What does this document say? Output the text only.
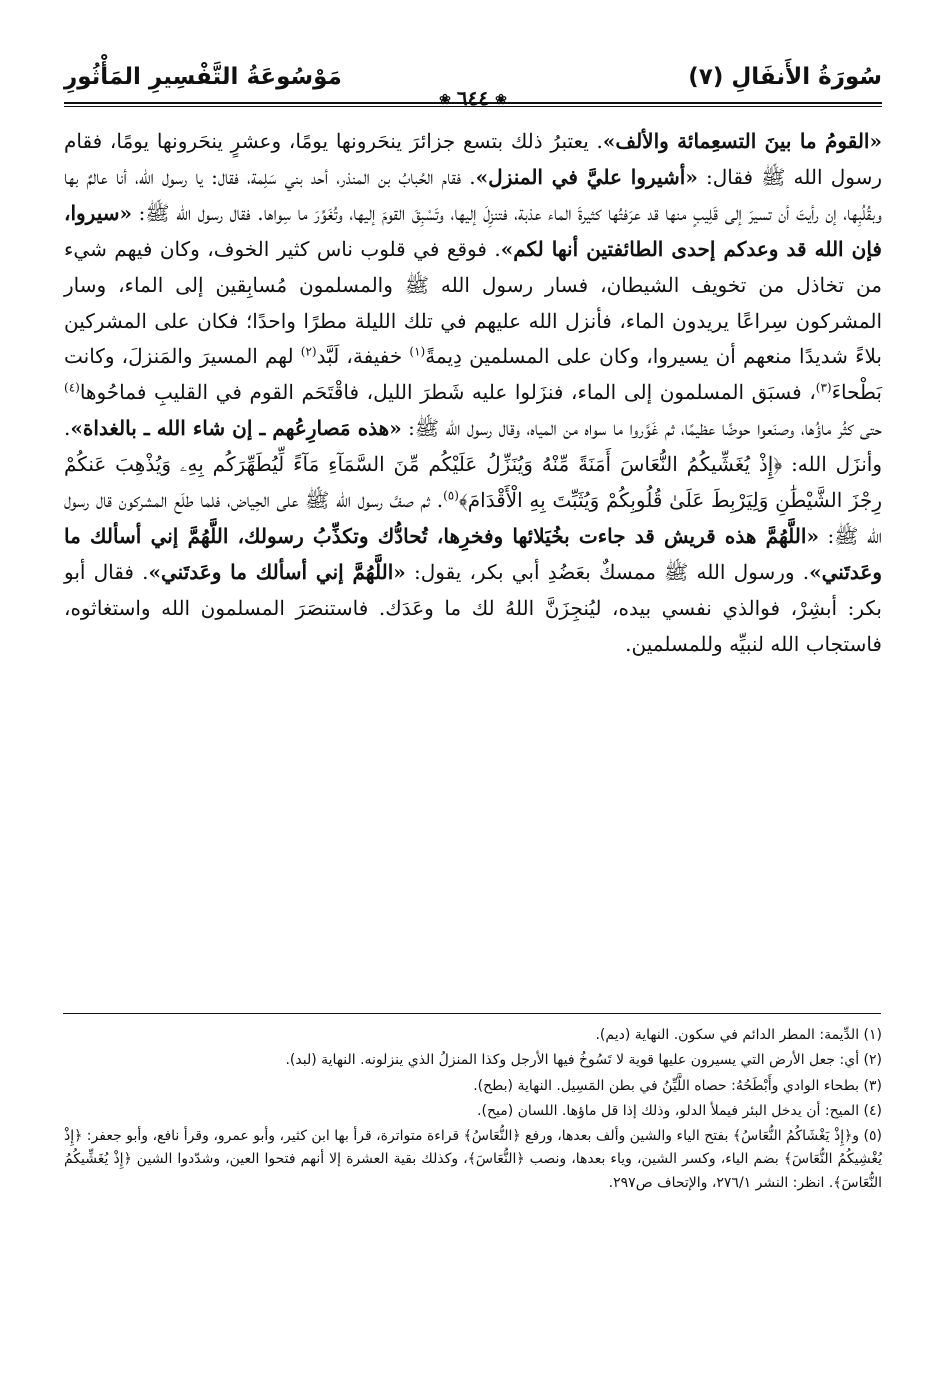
سُورَةُ الأَنفَالِ (٧)
❀٦٤٤❀
مَوْسُوعَةُ التَّفْسِيرِ المَأْثُورِ

«القومُ ما بينَ التسعِمائة والألف». يعتبرُ ذلك بتسع جزائرَ ينحَرونها يومًا، وعشرٍ ينحَرونها يومًا، فقام رسول الله ﷺ فقال: «أشيروا عليَّ في المنزل». فقام الحُبابُ بن المنذر، أحد بني سَلِمة، فقال: يا رسول الله، أنا عالمٌ بها وبقُلُبِها، إن رأيتَ أن تسيرَ إلى قَلِيبٍ منها قد عرَفتُها كثيرةَ الماء عذبة، فتنزِلَ إليها، وتَسْبِقَ القومَ إليها، وتُغَوِّرَ ما سِواها. فقال رسول الله ﷺ: «سيروا، فإن الله قد وعدكم إحدى الطائفتين أنها لكم». فوقع في قلوب ناس كثير الخوف، وكان فيهم شيء من تخاذل من تخويف الشيطان، فسار رسول الله ﷺ والمسلمون مُسابِقين إلى الماء، وسار المشركون سِراعًا يريدون الماء، فأنزل الله عليهم في تلك الليلة مطرًا واحدًا؛ فكان على المشركين بلاءً شديدًا منعهم أن يسيروا، وكان على المسلمين دِيمةً$^{(١)}$ خفيفة، لَبَّد$^{(٢)}$ لهم المسيرَ والمَنزلَ، وكانت بَطْحاءَ$^{(٣)}$، فسبَق المسلمون إلى الماء، فنزَلوا عليه شَطرَ الليل، فاقْتَحَم القوم في القليبِ فماحُوها$^{(٤)}$ حتى كثُر ماؤُها، وصنَعوا حوضًا عظيمًا، ثم غَوَّروا ما سواه من المياه، وقال رسول الله ﷺ: «هذه مَصارِعُهم ـ إن شاء الله ـ بالغداة». وأنزَل الله: ﴿إِذْ يُغَشِّيكُمُ النُّعَاسَ أَمَنَةً مِّنْهُ وَيُنَزِّلُ عَلَيْكُم مِّنَ السَّمَآءِ مَآءً لِّيُطَهِّرَكُم بِهِۦ وَيُذْهِبَ عَنكُمْ رِجْزَ الشَّيْطَٰنِ وَلِيَرْبِطَ عَلَىٰ قُلُوبِكُمْ وَيُثَبِّتَ بِهِ الْأَقْدَامَ﴾$^{(٥)}$. ثم صفَّ رسول الله ﷺ على الحِياض، فلما طلَع المشركون قال رسول الله ﷺ: «اللَّهُمَّ هذه قريش قد جاءت بخُيَلائها وفخرِها، تُحادُّك وتكذِّبُ رسولك، اللَّهُمَّ إني أسألك ما وعَدتَني». ورسول الله ﷺ ممسكٌ بعَضُدِ أبي بكر، يقول: «اللَّهُمَّ إني أسألك ما وعَدتَني». فقال أبو بكر: أبشِرْ، فوالذي نفسي بيده، ليُنجِزَنَّ اللهُ لك ما وعَدَك. فاستنصَرَ المسلمون الله واستغاثوه، فاستجاب الله لنبيِّه وللمسلمين.

(١) الدِّيمة: المطر الدائم في سكون. النهاية (ديم).

(٢) أي: جعل الأرض التي يسيرون عليها قوية لا تَسُوخُ فيها الأرجل وكذا المنزلُ الذي ينزلونه. النهاية (لبد).

(٣) بطحاء الوادي وأَبْطَحُهُ: حصاه اللَّيِّنُ في بطن المَسِيل. النهاية (بطح).

(٤) الميح: أن يدخل البئر فيملأ الدلو، وذلك إذا قل ماؤها. اللسان (ميح).

(٥) و﴿إِذْ يَغْشَاكُمُ النُّعَاسُ﴾ بفتح الياء والشين وألف بعدها، ورفع ﴿النُّعَاسُ﴾ قراءة متواترة، قرأ بها ابن كثير، وأبو عمرو، وقرأ نافع، وأبو جعفر: ﴿إِذْ يُغْشِيكُمُ النُّعَاسَ﴾ بضم الياء، وكسر الشين، وياء بعدها، ونصب ﴿النُّعَاسَ﴾، وكذلك بقية العشرة إلا أنهم فتحوا العين، وشدّدوا الشين ﴿إِذْ يُغَشِّيكُمُ النُّعَاسَ﴾. انظر: النشر ٢٧٦/١، والإتحاف ص٢٩٧.
